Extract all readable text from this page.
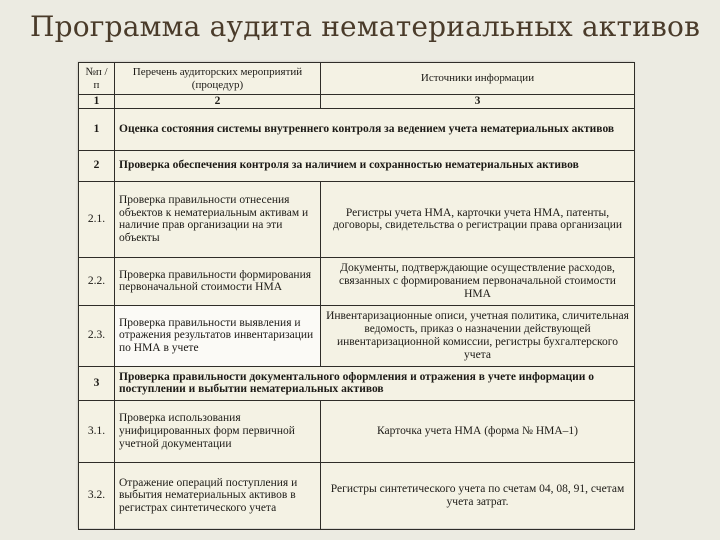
Программа аудита нематериальных активов
№п /п	Перечень аудиторских мероприятий (процедур)	Источники информации
1	2	3
1	Оценка состояния системы внутреннего контроля за ведением учета нематериальных активов	
2	Проверка обеспечения контроля за наличием и сохранностью нематериальных активов	
2.1.	Проверка правильности отнесения объектов к нематериальным активам и наличие прав организации на эти объекты	Регистры учета НМА, карточки учета НМА, патенты, договоры, свидетельства о регистрации права организации
2.2.	Проверка правильности формирования первоначальной стоимости НМА	Документы, подтверждающие осуществление расходов, связанных с формированием первоначальной стоимости НМА
2.3.	Проверка правильности выявления и отражения результатов инвентаризации по НМА в учете	Инвентаризационные описи, учетная политика, сличительная ведомость, приказ о назначении действующей инвентаризационной комиссии, регистры бухгалтерского учета
3	Проверка правильности документального оформления и отражения в учете информации о поступлении и выбытии нематериальных активов	
3.1.	Проверка использования унифицированных форм первичной учетной документации	Карточка учета НМА (форма № НМА–1)
3.2.	Отражение операций поступления и выбытия нематериальных активов в регистрах синтетического учета	Регистры синтетического учета по счетам 04, 08, 91, счетам учета затрат.
